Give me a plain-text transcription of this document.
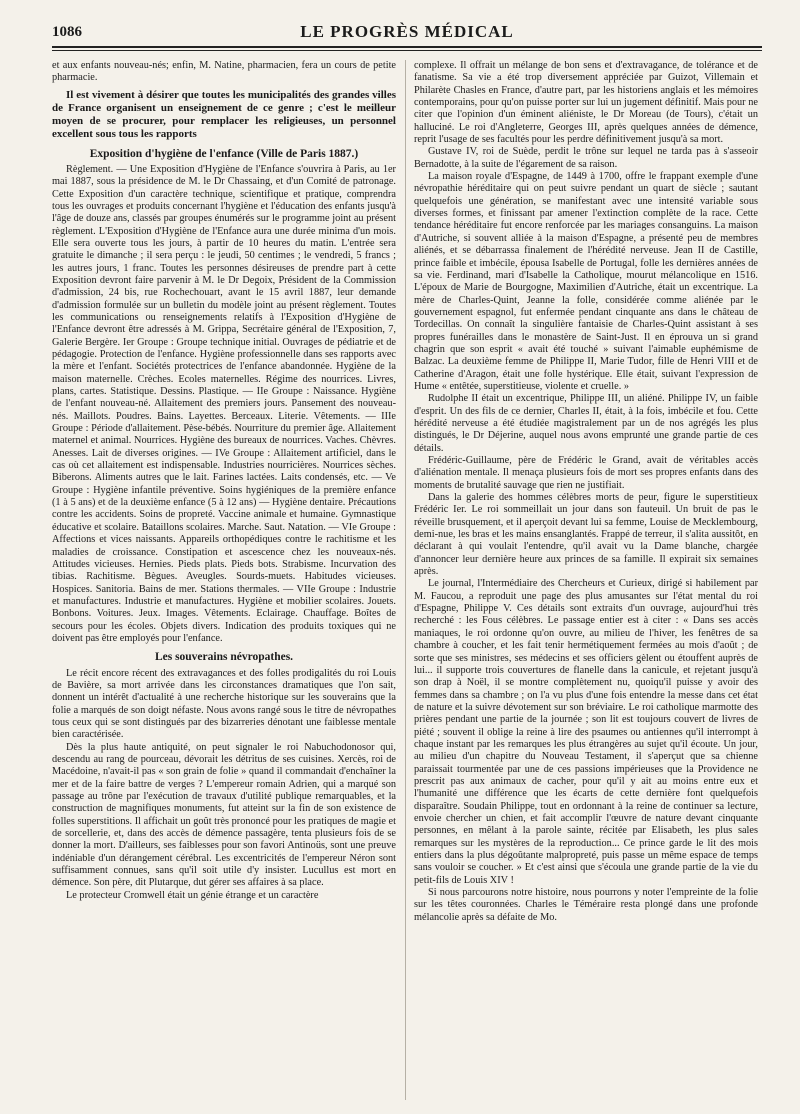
1086	LE PROGRÈS MÉDICAL

et aux enfants nouveau-nés; enfin, M. Natine, pharmacien, fera un cours de petite pharmacie.

Il est vivement à désirer que toutes les municipalités des grandes villes de France organisent un enseignement de ce genre ; c'est le meilleur moyen de se procurer, pour remplacer les religieuses, un personnel excellent sous tous les rapports

Exposition d'hygiène de l'enfance (Ville de Paris 1887.)

Règlement. — Une Exposition d'Hygiène de l'Enfance s'ouvrira à Paris, au 1er mai 1887, sous la présidence de M. le Dr Chassaing, et d'un Comité de patronage. Cette Exposition d'un caractère technique, scientifique et pratique, comprendra tous les ouvrages et produits concernant l'hygiène et l'éducation des enfants jusqu'à l'âge de douze ans, classés par groupes énumérés sur le programme joint au présent règlement. L'Exposition d'Hygiène de l'Enfance aura une durée minima d'un mois. Elle sera ouverte tous les jours, à partir de 10 heures du matin. L'entrée sera gratuite le dimanche ; il sera perçu : le jeudi, 50 centimes ; le vendredi, 5 francs ; les autres jours, 1 franc. Toutes les personnes désireuses de prendre part à cette Exposition devront faire parvenir à M. le Dr Degoix, Président de la Commission d'admission, 24 bis, rue Rochechouart, avant le 15 avril 1887, leur demande d'admission formulée sur un bulletin du modèle joint au présent règlement. Toutes les communications ou renseignements relatifs à l'Exposition d'Hygiène de l'Enfance devront être adressés à M. Grippa, Secrétaire général de l'Exposition, 7, Galerie Bergère. Ier Groupe : Groupe technique initial. Ouvrages de pédiatrie et de pédagogie. Protection de l'enfance. Hygiène professionnelle dans ses rapports avec la mère et l'enfant. Sociétés protectrices de l'enfance abandonnée. Hygiène de la maison maternelle. Crèches. Ecoles maternelles. Régime des nourrices. Livres, plans, cartes. Statistique. Dessins. Plastique. — IIe Groupe : Naissance. Hygiène de l'enfant nouveau-né. Allaitement des premiers jours. Pansement des nouveau-nés. Maillots. Poudres. Bains. Layettes. Berceaux. Literie. Vêtements. — IIIe Groupe : Période d'allaitement. Pèse-bébés. Nourriture du premier âge. Allaitement maternel et animal. Nourrices. Hygiène des bureaux de nourrices. Vaches. Chèvres. Anesses. Lait de diverses origines. — IVe Groupe : Allaitement artificiel, dans le cas où cet allaitement est indispensable. Industries nourricières. Nourrices sèches. Biberons. Aliments autres que le lait. Farines lactées. Laits condensés, etc. — Ve Groupe : Hygiène infantile préventive. Soins hygiéniques de la première enfance (1 à 5 ans) et de la deuxième enfance (5 à 12 ans) — Hygiène dentaire. Précautions contre les accidents. Soins de propreté. Vaccine animale et humaine. Gymnastique éducative et scolaire. Bataillons scolaires. Marche. Saut. Natation. — VIe Groupe : Affections et vices naissants. Appareils orthopédiques contre le rachitisme et les maladies de croissance. Constipation et ascescence chez les nouveaux-nés. Attitudes vicieuses. Hernies. Pieds plats. Pieds bots. Strabisme. Incurvation des tibias. Rachitisme. Bègues. Aveugles. Sourds-muets. Habitudes vicieuses. Hospices. Sanitoria. Bains de mer. Stations thermales. — VIIe Groupe : Industrie et manufactures. Industrie et manufactures. Hygiène et mobilier scolaires. Jouets. Bonbons. Voitures. Jeux. Images. Vêtements. Eclairage. Chauffage. Boîtes de secours pour les écoles. Objets divers. Indication des produits toxiques qui ne doivent pas être employés pour l'enfance.

Les souverains névropathes.

Le récit encore récent des extravagances et des folles prodigalités du roi Louis de Bavière, sa mort arrivée dans les circonstances dramatiques que l'on sait, donnent un intérêt d'actualité à une recherche historique sur les souverains que la folie a marqués de son doigt néfaste. Nous avons rangé sous le titre de névropathes tous ceux qui se sont distingués par des bizarreries dénotant une faiblesse mentale bien caractérisée.

Dès la plus haute antiquité, on peut signaler le roi Nabuchodonosor qui, descendu au rang de pourceau, dévorait les détritus de ses cuisines. Xercès, roi de Macédoine, n'avait-il pas « son grain de folie » quand il commandait d'enchaîner la mer et de la faire battre de verges ? L'empereur romain Adrien, qui a marqué son passage au trône par l'exécution de travaux d'utilité publique remarquables, et la construction de magnifiques monuments, fut atteint sur la fin de son existence de folles superstitions. Il affichait un goût très prononcé pour les pratiques de magie et de sorcellerie, et, dans des accès de démence passagère, tenta plusieurs fois de se donner la mort. D'ailleurs, ses faiblesses pour son favori Antinoüs, sont une preuve indéniable d'un dérangement cérébral. Les excentricités de l'empereur Néron sont suffisamment connues, sans qu'il soit utile d'y insister. Lucullus est mort en démence. Son père, dit Plutarque, dut gérer ses affaires à sa place.

Le protecteur Cromwell était un génie étrange et un caractère

complexe. Il offrait un mélange de bon sens et d'extravagance, de tolérance et de fanatisme. Sa vie a été trop diversement appréciée par Guizot, Villemain et Philarète Chasles en France, d'autre part, par les historiens anglais et les mémoires contemporains, pour qu'on puisse porter sur lui un jugement définitif. Mais pour ne citer que l'opinion d'un éminent aliéniste, le Dr Moreau (de Tours), c'était un halluciné. Le roi d'Angleterre, Georges III, après quelques années de démence, reprit l'usage de ses facultés pour les perdre définitivement jusqu'à sa mort.

Gustave IV, roi de Suède, perdit le trône sur lequel ne tarda pas à s'asseoir Bernadotte, à la suite de l'égarement de sa raison.

La maison royale d'Espagne, de 1449 à 1700, offre le frappant exemple d'une névropathie héréditaire qui on peut suivre pendant un quart de siècle ; sautant quelquefois une génération, se manifestant avec une intensité variable sous diverses formes, et finissant par amener l'extinction complète de la race. Cette tendance héréditaire fut encore renforcée par les mariages consanguins. La maison d'Autriche, si souvent alliée à la maison d'Espagne, a présenté peu de membres aliénés, et se débarrassa finalement de l'hérédité nerveuse. Jean II de Castille, prince faible et imbécile, épousa Isabelle de Portugal, folle les dernières années de sa vie. Ferdinand, mari d'Isabelle la Catholique, mourut mélancolique en 1516. L'époux de Marie de Bourgogne, Maximilien d'Autriche, était un excentrique. La mère de Charles-Quint, Jeanne la folle, considérée comme aliénée par le gouvernement espagnol, fut enfermée pendant cinquante ans dans le château de Tordecillas. On connaît la singulière fantaisie de Charles-Quint assistant à ses propres funérailles dans le monastère de Saint-Just. Il en éprouva un si grand chagrin que son esprit « avait été touché » suivant l'aimable euphémisme de Balzac. La deuxième femme de Philippe II, Marie Tudor, fille de Henri VIII et de Catherine d'Aragon, était une folle hystérique. Elle était, suivant l'expression de Hume « entêtée, superstitieuse, violente et cruelle. »

Rudolphe II était un excentrique, Philippe III, un aliéné. Philippe IV, un faible d'esprit. Un des fils de ce dernier, Charles II, était, à la fois, imbécile et fou. Cette hérédité nerveuse a été étudiée magistralement par un de nos agrégés les plus distingués, le Dr Déjerine, auquel nous avons emprunté une grande partie de ces détails.

Frédéric-Guillaume, père de Frédéric le Grand, avait de véritables accès d'aliénation mentale. Il menaça plusieurs fois de mort ses propres enfants dans des moments de brutalité sauvage que rien ne justifiait.

Dans la galerie des hommes célèbres morts de peur, figure le superstitieux Frédéric Ier. Le roi sommeillait un jour dans son fauteuil. Un bruit de pas le réveille brusquement, et il aperçoit devant lui sa femme, Louise de Mecklembourg, demi-nue, les bras et les mains ensanglantés. Frappé de terreur, il s'alita aussitôt, en déclarant à qui voulait l'entendre, qu'il avait vu la Dame blanche, chargée d'annoncer leur dernière heure aux princes de sa famille. Il expirait six semaines après.

Le journal, l'Intermédiaire des Chercheurs et Curieux, dirigé si habilement par M. Faucou, a reproduit une page des plus amusantes sur l'état mental du roi d'Espagne, Philippe V. Ces détails sont extraits d'un ouvrage, aujourd'hui très recherché : les Fous célèbres. Le passage entier est à citer : « Dans ses accès maniaques, le roi ordonne qu'on ouvre, au milieu de l'hiver, les fenêtres de sa chambre à coucher, et les fait tenir hermétiquement fermées au mois d'août ; de sorte que ses ministres, ses médecins et ses officiers gèlent ou étouffent auprès de lui... il supporte trois couvertures de flanelle dans la canicule, et rejetant jusqu'à son drap à Noël, il se montre complètement nu, quoiqu'il puisse y avoir des femmes dans sa chambre ; on l'a vu plus d'une fois entendre la messe dans cet état de nature et la suivre dévotement sur son bréviaire. Le roi catholique marmotte des prières pendant une partie de la journée ; son lit est toujours couvert de livres de piété ; souvent il oblige la reine à lire des psaumes ou antiennes qu'il interrompt à chaque instant par les remarques les plus étrangères au sujet qu'il écoute. Un jour, au milieu d'un chapitre du Nouveau Testament, il s'aperçut que sa chienne paraissait tourmentée par une de ces passions impérieuses que la Providence ne prescrit pas aux animaux de cacher, pour qu'il y ait au moins entre eux et l'humanité une différence que les écarts de cette dernière font quelquefois disparaître. Soudain Philippe, tout en ordonnant à la reine de continuer sa lecture, envoie chercher un chien, et fait accomplir l'œuvre de nature devant cinquante personnes, en mêlant à la parole sainte, récitée par Elisabeth, les plus sales remarques sur les mystères de la reproduction... Ce prince garde le lit des mois entiers dans la plus dégoûtante malpropreté, puis passe un même espace de temps sans vouloir se coucher. » Et c'est ainsi que s'écoula une grande partie de la vie du petit-fils de Louis XIV !

Si nous parcourons notre histoire, nous pourrons y noter l'empreinte de la folie sur les têtes couronnées. Charles le Téméraire resta plongé dans une profonde mélancolie après sa défaite de Mo.
